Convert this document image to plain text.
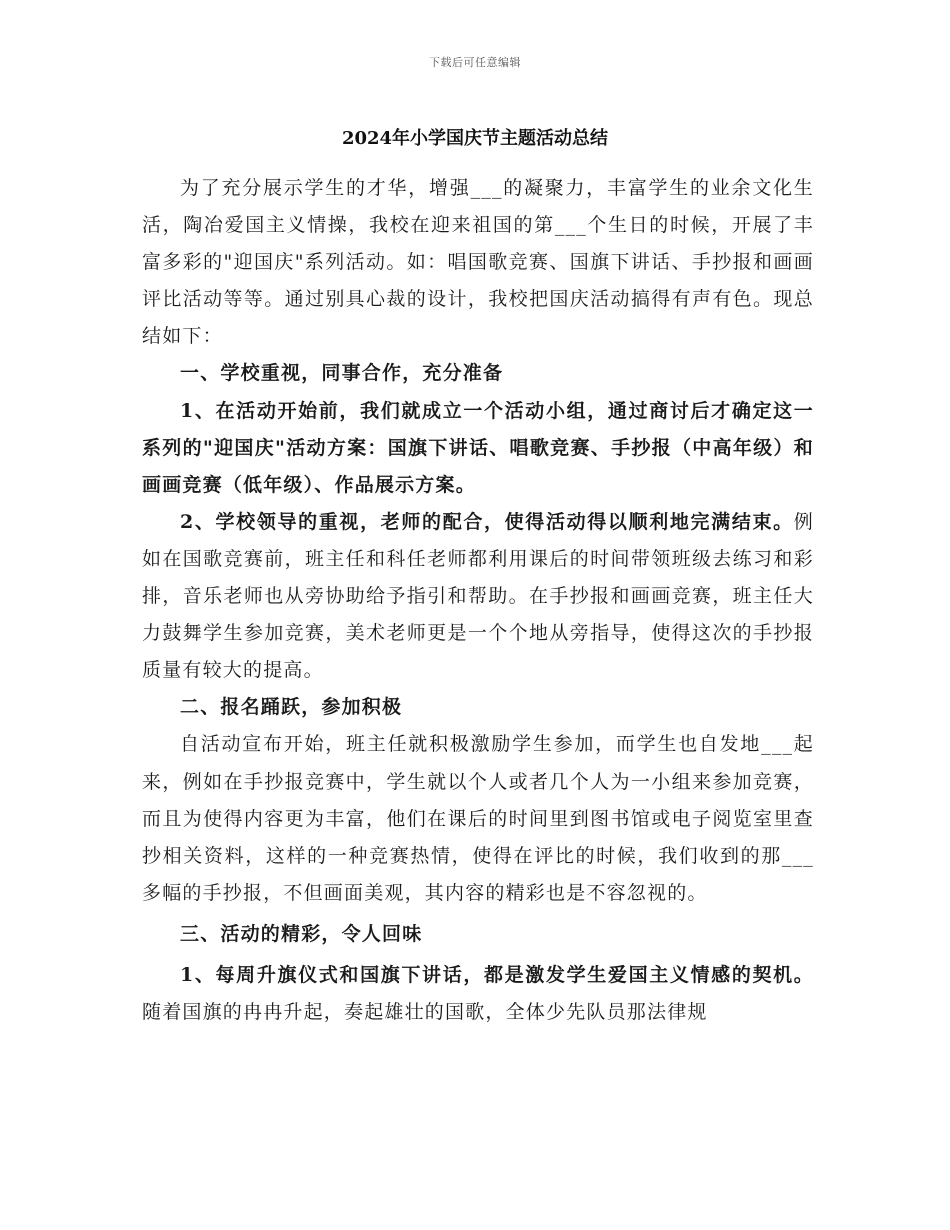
下载后可任意编辑
2024年小学国庆节主题活动总结

为了充分展示学生的才华，增强___的凝聚力，丰富学生的业余文化生活，陶冶爱国主义情操，我校在迎来祖国的第___个生日的时候，开展了丰富多彩的"迎国庆"系列活动。如：唱国歌竞赛、国旗下讲话、手抄报和画画评比活动等等。通过别具心裁的设计，我校把国庆活动搞得有声有色。现总结如下：

一、学校重视，同事合作，充分准备

1、在活动开始前，我们就成立一个活动小组，通过商讨后才确定这一系列的"迎国庆"活动方案：国旗下讲话、唱歌竞赛、手抄报（中高年级）和画画竞赛（低年级）、作品展示方案。

2、学校领导的重视，老师的配合，使得活动得以顺利地完满结束。例如在国歌竞赛前，班主任和科任老师都利用课后的时间带领班级去练习和彩排，音乐老师也从旁协助给予指引和帮助。在手抄报和画画竞赛，班主任大力鼓舞学生参加竞赛，美术老师更是一个个地从旁指导，使得这次的手抄报质量有较大的提高。

二、报名踊跃，参加积极

自活动宣布开始，班主任就积极激励学生参加，而学生也自发地___起来，例如在手抄报竞赛中，学生就以个人或者几个人为一小组来参加竞赛，而且为使得内容更为丰富，他们在课后的时间里到图书馆或电子阅览室里查抄相关资料，这样的一种竞赛热情，使得在评比的时候，我们收到的那___多幅的手抄报，不但画面美观，其内容的精彩也是不容忽视的。

三、活动的精彩，令人回味

1、每周升旗仪式和国旗下讲话，都是激发学生爱国主义情感的契机。随着国旗的冉冉升起，奏起雄壮的国歌，全体少先队员那法律规
